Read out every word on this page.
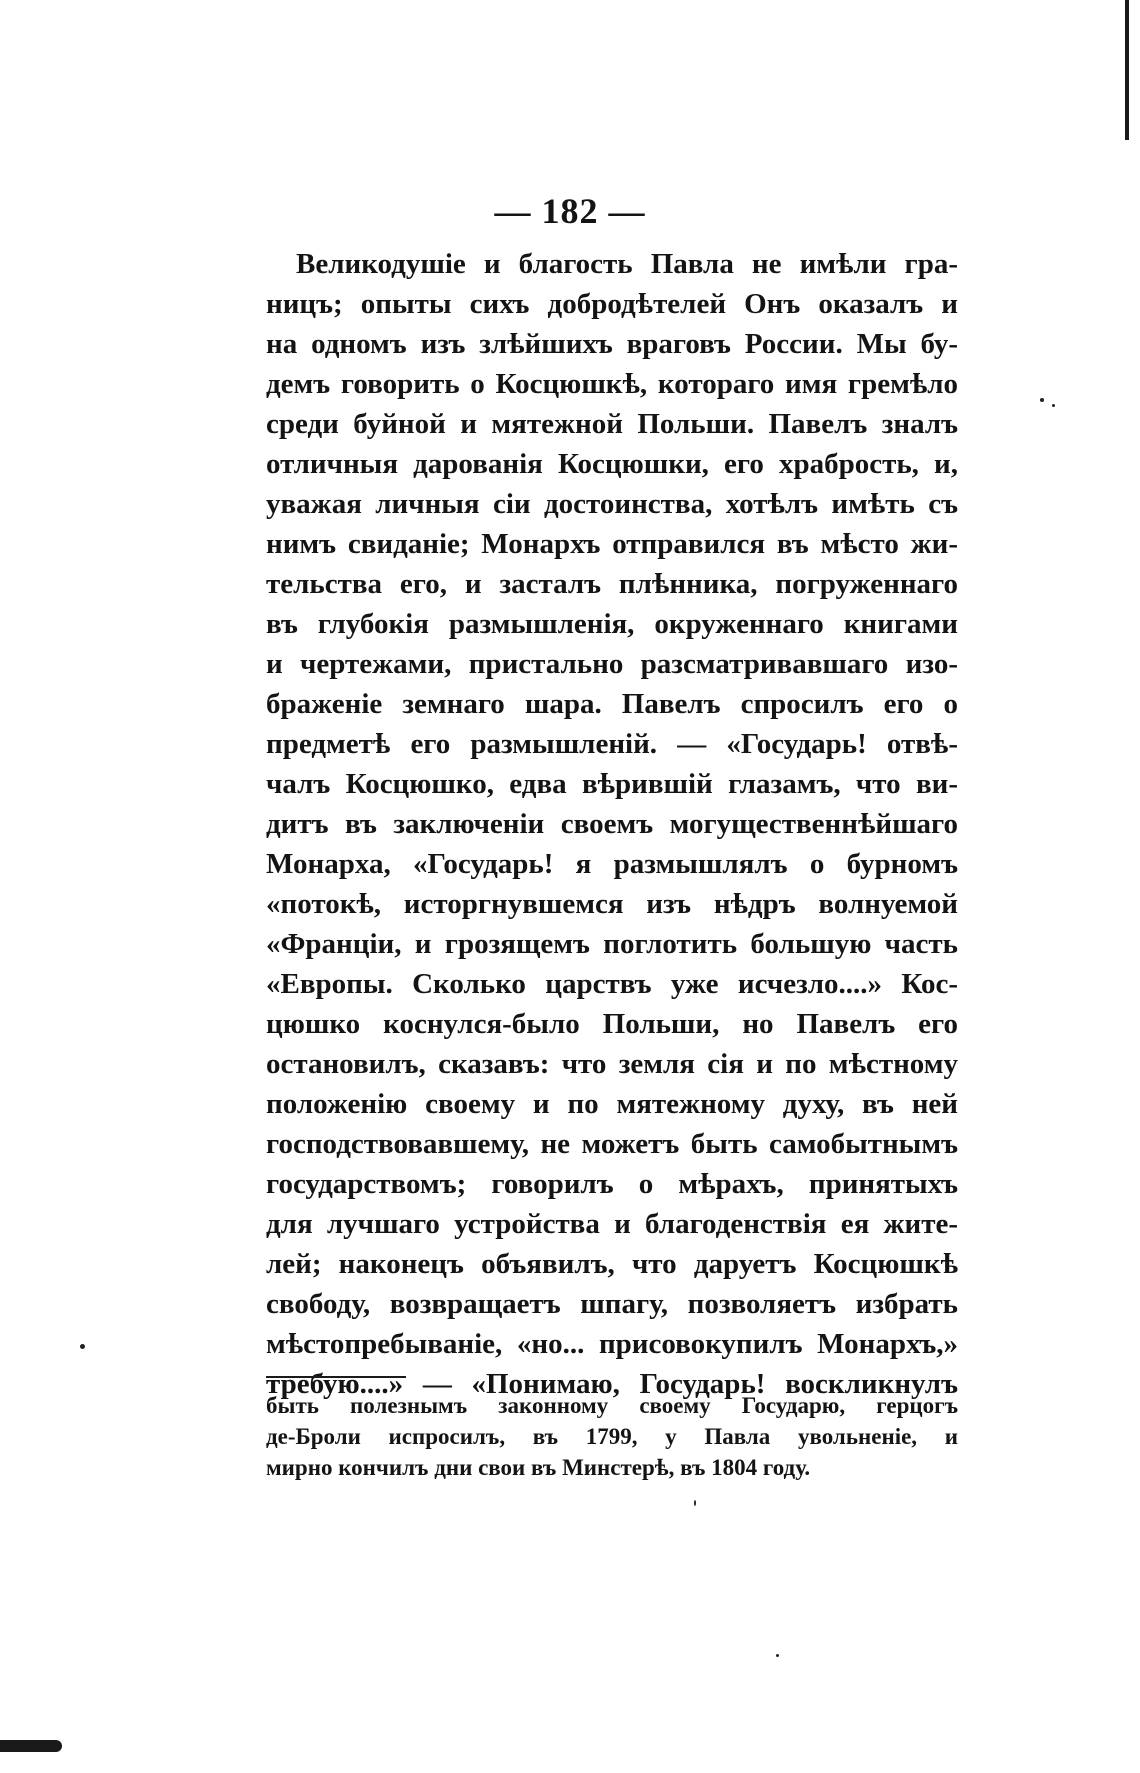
— 182 —
Великодушіе и благость Павла не имѣли гра-
ницъ; опыты сихъ добродѣтелей Онъ оказалъ и
на одномъ изъ злѣйшихъ враговъ России. Мы бу-
демъ говорить о Косцюшкѣ, котораго имя гремѣло
среди буйной и мятежной Польши. Павелъ зналъ
отличныя дарованія Косцюшки, его храбрость, и,
уважая личныя сіи достоинства, хотѣлъ имѣть съ
нимъ свиданіе; Монархъ отправился въ мѣсто жи-
тельства его, и засталъ плѣнника, погруженнаго
въ глубокія размышленія, окруженнаго книгами
и чертежами, пристально разсматривавшаго изо-
браженіе земнаго шара. Павелъ спросилъ его о
предметѣ его размышленій. — «Государь! отвѣ-
чалъ Косцюшко, едва вѣрившій глазамъ, что ви-
дитъ въ заключеніи своемъ могущественнѣйшаго
Монарха, «Государь! я размышлялъ о бурномъ
«потокѣ, исторгнувшемся изъ нѣдръ волнуемой
«Франціи, и грозящемъ поглотить большую часть
«Европы. Сколько царствъ уже исчезло....» Кос-
цюшко коснулся-было Польши, но Павелъ его
остановилъ, сказавъ: что земля сія и по мѣстному
положенію своему и по мятежному духу, въ ней
господствовавшему, не можетъ быть самобытнымъ
государствомъ; говорилъ о мѣрахъ, принятыхъ
для лучшаго устройства и благоденствія ея жите-
лей; наконецъ объявилъ, что даруетъ Косцюшкѣ
свободу, возвращаетъ шпагу, позволяетъ избрать
мѣстопребываніе, «но... присовокупилъ Монархъ,»
требую....» — «Понимаю, Государь! воскликнулъ
быть полезнымъ законному своему Государю, герцогъ
де-Броли испросилъ, въ 1799, у Павла увольненіе, и
мирно кончилъ дни свои въ Минстерѣ, въ 1804 году.
